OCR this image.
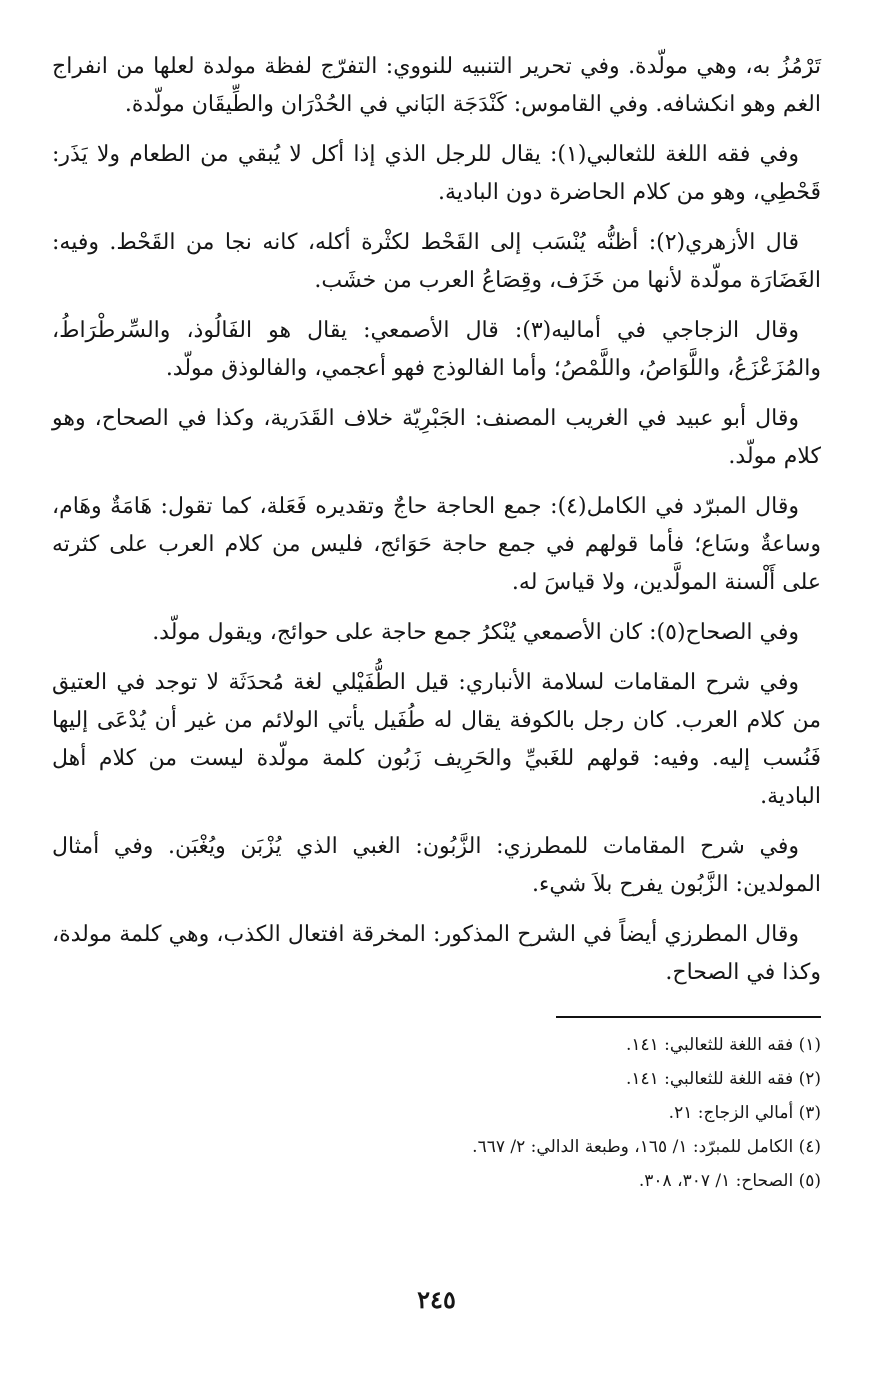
تَرْمُزُ به، وهي مولّدة. وفي تحرير التنبيه للنووي: التفرّج لفظة مولدة لعلها من انفراج الغم وهو انكشافه. وفي القاموس: كَنْدَجَة البَاني في الحُدْرَان والطِّيقَان مولّدة.

وفي فقه اللغة للثعالبي(١): يقال للرجل الذي إذا أكل لا يُبقي من الطعام ولا يَذَر: قَحْطِي، وهو من كلام الحاضرة دون البادية.

قال الأزهري(٢): أظنُّه يُنْسَب إلى القَحْط لكثْرة أكله، كانه نجا من القَحْط. وفيه: الغَضَارَة مولّدة لأنها من خَزَف، وقِصَاعُ العرب من خشَب.

وقال الزجاجي في أماليه(٣): قال الأصمعي: يقال هو الفَالُوذ، والسِّرطْرَاطُ، والمُزَعْزَعُ، واللَّوَاصُ، واللَّمْصُ؛ وأما الفالوذج فهو أعجمي، والفالوذق مولّد.

وقال أبو عبيد في الغريب المصنف: الجَبْرِيّة خلاف القَدَرية، وكذا في الصحاح، وهو كلام مولّد.

وقال المبرّد في الكامل(٤): جمع الحاجة حاجٌ وتقديره فَعَلة، كما تقول: هَامَةٌ وهَام، وساعةٌ وسَاع؛ فأما قولهم في جمع حاجة حَوَائج، فليس من كلام العرب على كثرته على أَلْسنة المولَّدين، ولا قياسَ له.

وفي الصحاح(٥): كان الأصمعي يُنْكرُ جمع حاجة على حوائج، ويقول مولّد.

وفي شرح المقامات لسلامة الأنباري: قيل الطُّفَيْلي لغة مُحدَثَة لا توجد في العتيق من كلام العرب. كان رجل بالكوفة يقال له طُفَيل يأتي الولائم من غير أن يُدْعَى إليها فَنُسب إليه. وفيه: قولهم للغَبيِّ والحَرِيف زَبُون كلمة مولّدة ليست من كلام أهل البادية.

وفي شرح المقامات للمطرزي: الزَّبُون: الغبي الذي يُزْبَن ويُغْبَن. وفي أمثال المولدين: الزَّبُون يفرح بلاَ شيء.

وقال المطرزي أيضاً في الشرح المذكور: المخرقة افتعال الكذب، وهي كلمة مولدة، وكذا في الصحاح.

(١) فقه اللغة للثعالبي: ١٤١.
(٢) فقه اللغة للثعالبي: ١٤١.
(٣) أمالي الزجاج: ٢١.
(٤) الكامل للمبرّد: ١/ ١٦٥، وطبعة الدالي: ٢/ ٦٦٧.
(٥) الصحاح: ١/ ٣٠٧، ٣٠٨.
٢٤٥
